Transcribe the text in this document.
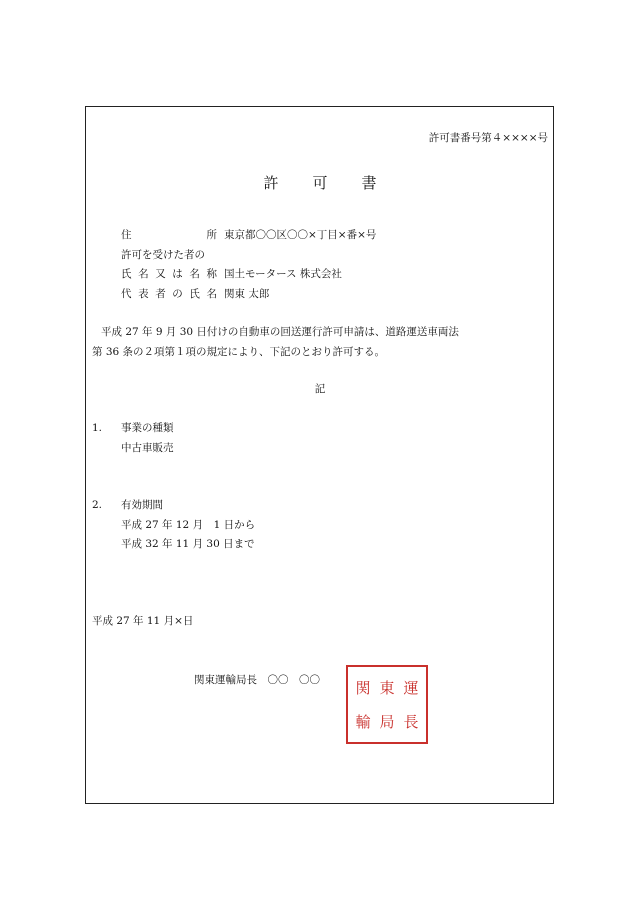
許可書番号第４××××号
許 可 書
住	所 東京都〇〇区〇〇×丁目×番×号
許可を受けた者の
氏 名 又 は 名 称 国土モータース 株式会社
代 表 者 の 氏 名 関東 太郎
平成 27 年 9 月 30 日付けの自動車の回送運行許可申請は、道路運送車両法
第 36 条の２項第１項の規定により、下記のとおり許可する。
記
1. 事業の種類
中古車販売
2. 有効期間
平成 27 年 12 月　1 日から
平成 32 年 11 月 30 日まで
平成 27 年 11 月×日
関東運輸局長　〇〇　〇〇 関 東 運
輸 局 長
